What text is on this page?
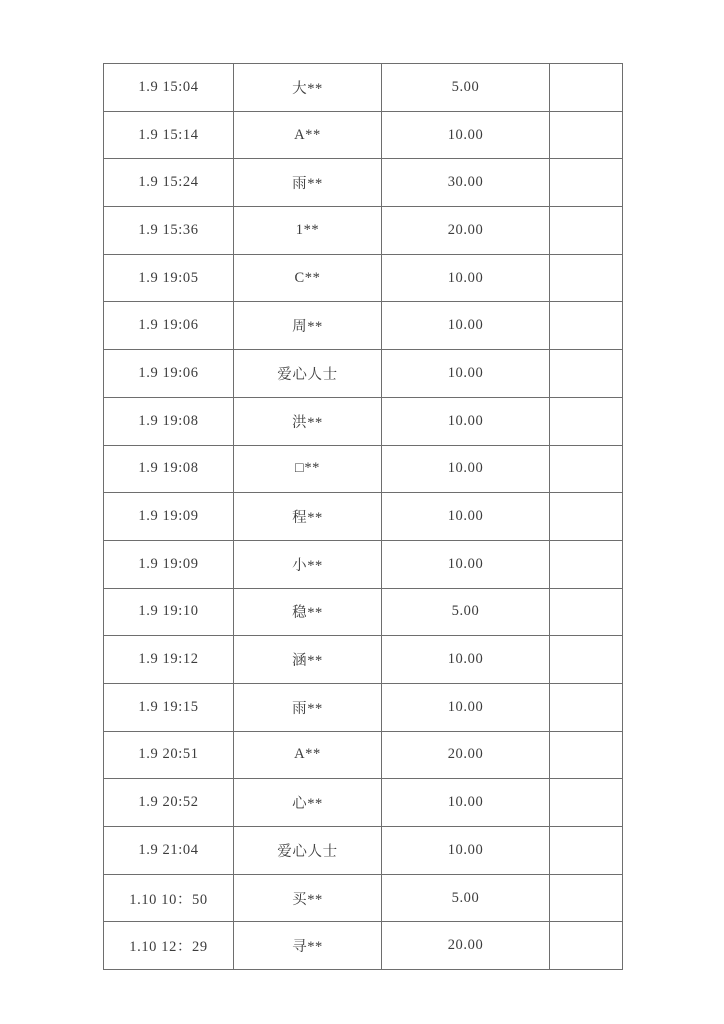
1.9 15:04	大**	5.00	
1.9 15:14	A**	10.00	
1.9 15:24	雨**	30.00	
1.9 15:36	1**	20.00	
1.9 19:05	C**	10.00	
1.9 19:06	周**	10.00	
1.9 19:06	爱心人士	10.00	
1.9 19:08	洪**	10.00	
1.9 19:08	□**	10.00	
1.9 19:09	程**	10.00	
1.9 19:09	小**	10.00	
1.9 19:10	稳**	5.00	
1.9 19:12	涵**	10.00	
1.9 19:15	雨**	10.00	
1.9 20:51	A**	20.00	
1.9 20:52	心**	10.00	
1.9 21:04	爱心人士	10.00	
1.10 10：50	买**	5.00	
1.10 12：29	寻**	20.00	
